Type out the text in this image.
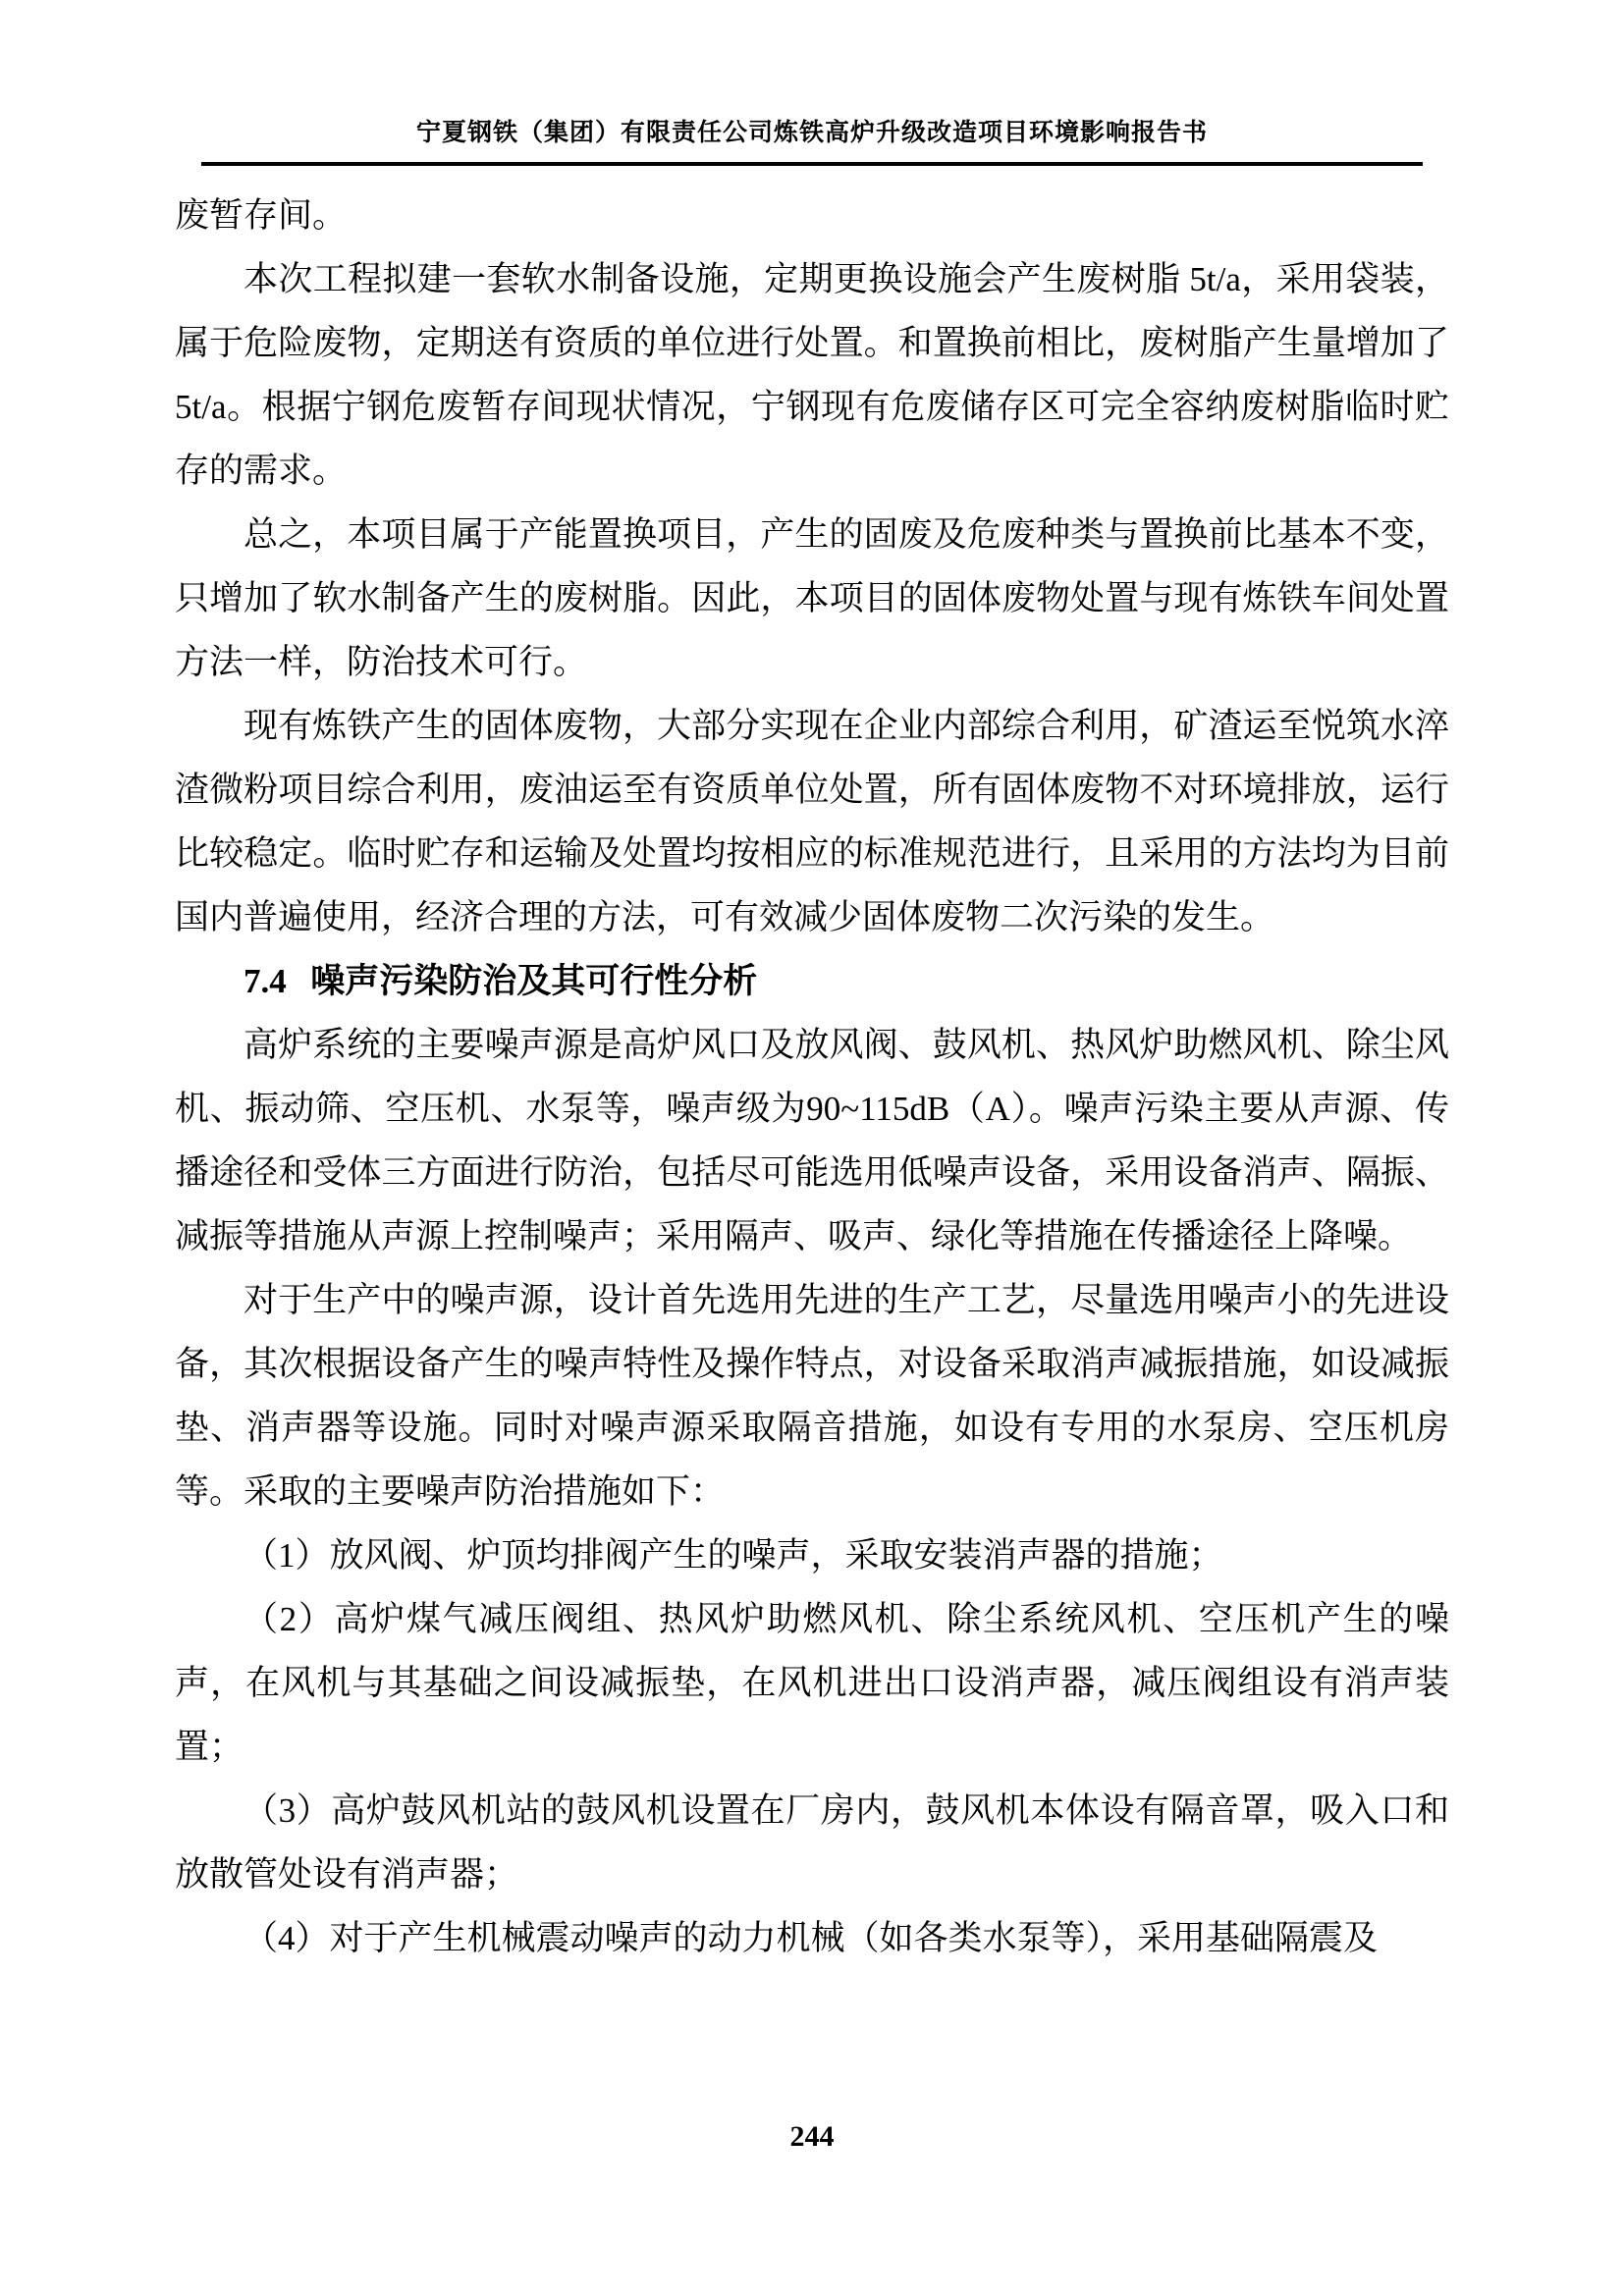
宁夏钢铁（集团）有限责任公司炼铁高炉升级改造项目环境影响报告书

废暂存间。

本次工程拟建一套软水制备设施，定期更换设施会产生废树脂 5t/a，采用袋装，属于危险废物，定期送有资质的单位进行处置。和置换前相比，废树脂产生量增加了 5t/a。根据宁钢危废暂存间现状情况，宁钢现有危废储存区可完全容纳废树脂临时贮存的需求。

总之，本项目属于产能置换项目，产生的固废及危废种类与置换前比基本不变，只增加了软水制备产生的废树脂。因此，本项目的固体废物处置与现有炼铁车间处置方法一样，防治技术可行。

现有炼铁产生的固体废物，大部分实现在企业内部综合利用，矿渣运至悦筑水淬渣微粉项目综合利用，废油运至有资质单位处置，所有固体废物不对环境排放，运行比较稳定。临时贮存和运输及处置均按相应的标准规范进行，且采用的方法均为目前国内普遍使用，经济合理的方法，可有效减少固体废物二次污染的发生。

7.4 噪声污染防治及其可行性分析

高炉系统的主要噪声源是高炉风口及放风阀、鼓风机、热风炉助燃风机、除尘风机、振动筛、空压机、水泵等，噪声级为90~115dB（A）。噪声污染主要从声源、传播途径和受体三方面进行防治，包括尽可能选用低噪声设备，采用设备消声、隔振、减振等措施从声源上控制噪声；采用隔声、吸声、绿化等措施在传播途径上降噪。

对于生产中的噪声源，设计首先选用先进的生产工艺，尽量选用噪声小的先进设备，其次根据设备产生的噪声特性及操作特点，对设备采取消声减振措施，如设减振垫、消声器等设施。同时对噪声源采取隔音措施，如设有专用的水泵房、空压机房等。采取的主要噪声防治措施如下：

（1）放风阀、炉顶均排阀产生的噪声，采取安装消声器的措施；

（2）高炉煤气减压阀组、热风炉助燃风机、除尘系统风机、空压机产生的噪声，在风机与其基础之间设减振垫，在风机进出口设消声器，减压阀组设有消声装置；

（3）高炉鼓风机站的鼓风机设置在厂房内，鼓风机本体设有隔音罩，吸入口和放散管处设有消声器；

（4）对于产生机械震动噪声的动力机械（如各类水泵等），采用基础隔震及

244
